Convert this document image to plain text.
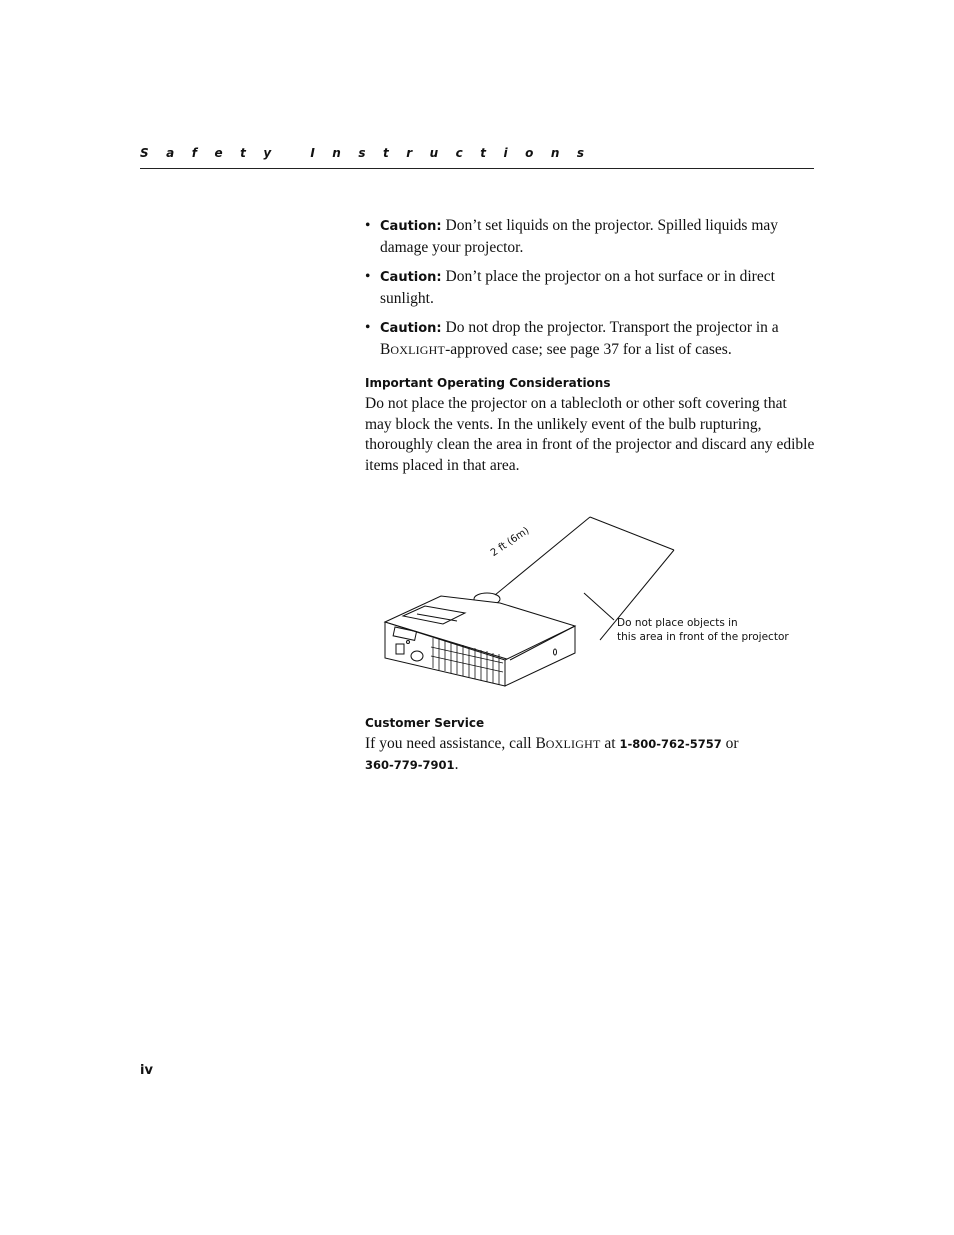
Safety Instructions
• Caution: Don’t set liquids on the projector. Spilled liquids may damage your projector.
• Caution: Don’t place the projector on a hot surface or in direct sunlight.
• Caution: Do not drop the projector. Transport the projector in a BOXLIGHT-approved case; see page 37 for a list of cases.
Important Operating Considerations

Do not place the projector on a tablecloth or other soft covering that may block the vents. In the unlikely event of the bulb rupturing, thoroughly clean the area in front of the projector and discard any edible items placed in that area.

2 ft (6m)
Do not place objects in
this area in front of the projector
Customer Service

If you need assistance, call BOXLIGHT at 1-800-762-5757 or
360-779-7901.

iv
